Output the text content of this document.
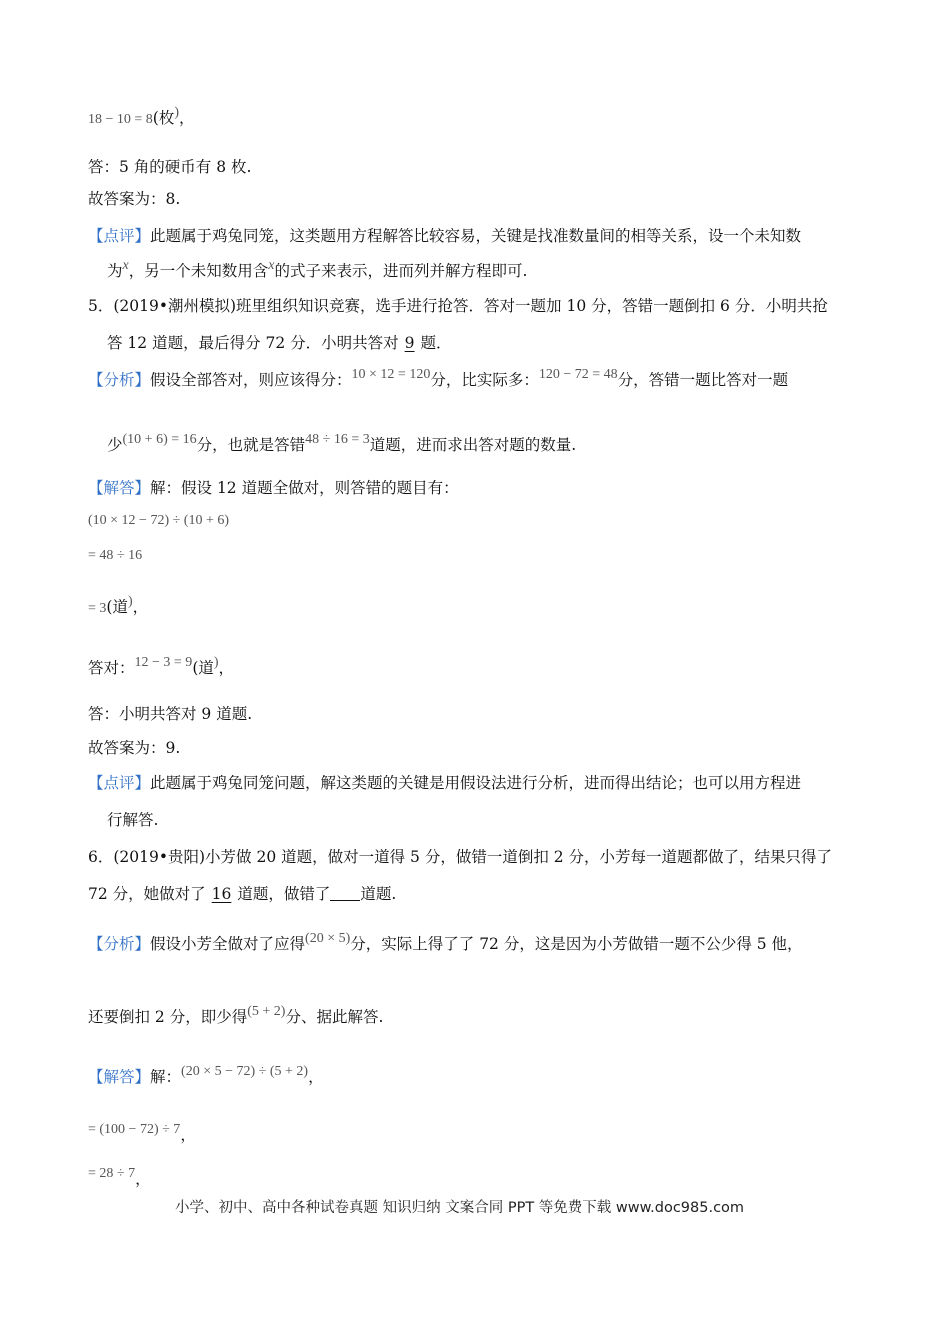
18 − 10 = 8(枚)，
答：5 角的硬币有 8 枚.
故答案为：8.
【点评】此题属于鸡兔同笼，这类题用方程解答比较容易，关键是找准数量间的相等关系，设一个未知数
为x，另一个未知数用含x的式子来表示，进而列并解方程即可.
5．(2019•潮州模拟)班里组织知识竞赛，选手进行抢答．答对一题加 10 分，答错一题倒扣 6 分．小明共抢
答 12 道题，最后得分 72 分．小明共答对 9 题．
【分析】假设全部答对，则应该得分：10 × 12 = 120分，比实际多：120 − 72 = 48分，答错一题比答对一题
少(10 + 6) = 16分，也就是答错48 ÷ 16 = 3道题，进而求出答对题的数量.
【解答】解：假设 12 道题全做对，则答错的题目有：
(10 × 12 − 72) ÷ (10 + 6)
= 48 ÷ 16
= 3(道)，
答对：12 − 3 = 9(道)，
答：小明共答对 9 道题.
故答案为：9.
【点评】此题属于鸡兔同笼问题，解这类题的关键是用假设法进行分析，进而得出结论；也可以用方程进
行解答.
6．(2019•贵阳)小芳做 20 道题，做对一道得 5 分，做错一道倒扣 2 分，小芳每一道题都做了，结果只得了
72 分，她做对了 16 道题，做错了 道题.
【分析】假设小芳全做对了应得(20 × 5)分，实际上得了了 72 分，这是因为小芳做错一题不公少得 5 他，
还要倒扣 2 分，即少得(5 + 2)分、据此解答.
【解答】解：(20 × 5 − 72) ÷ (5 + 2)，
= (100 − 72) ÷ 7，
= 28 ÷ 7，
小学、初中、高中各种试卷真题 知识归纳 文案合同 PPT 等免费下载 www.doc985.com
